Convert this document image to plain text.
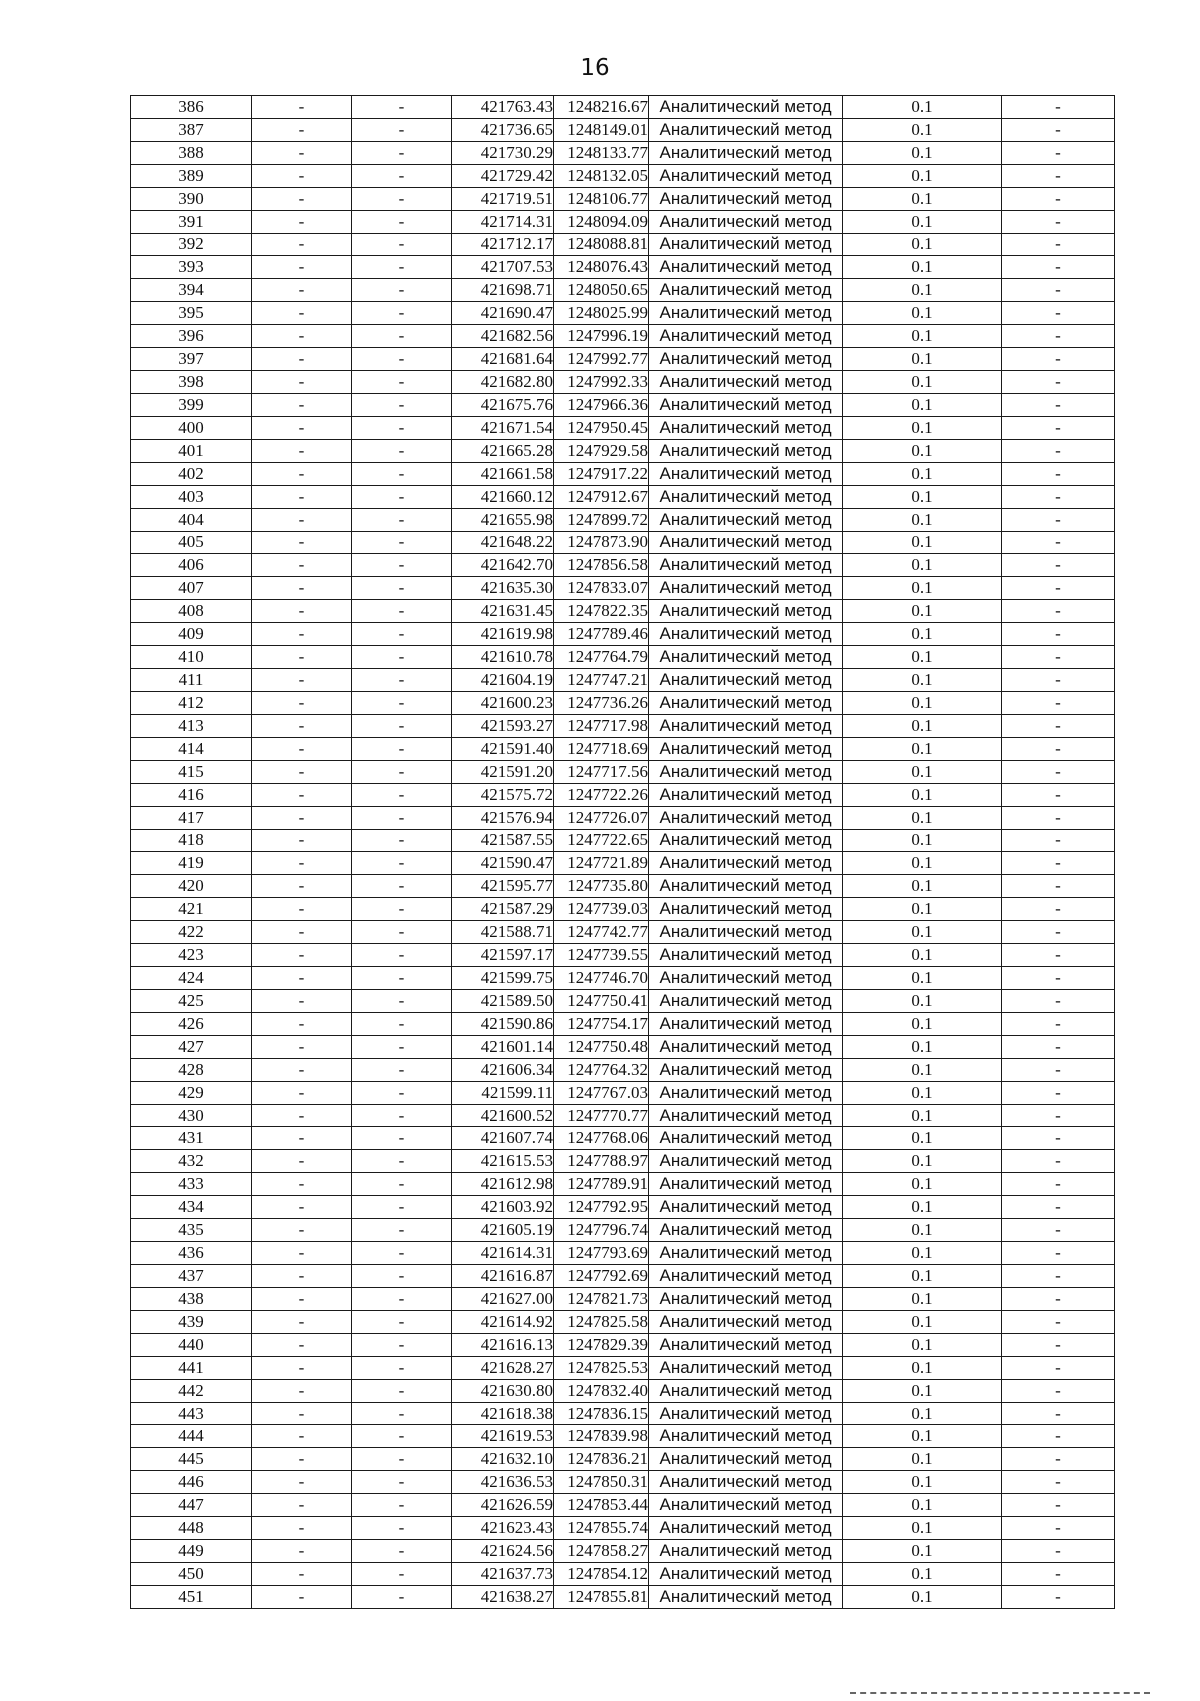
16
386	-	-	421763.43	1248216.67	Аналитический метод	0.1	-
387	-	-	421736.65	1248149.01	Аналитический метод	0.1	-
388	-	-	421730.29	1248133.77	Аналитический метод	0.1	-
389	-	-	421729.42	1248132.05	Аналитический метод	0.1	-
390	-	-	421719.51	1248106.77	Аналитический метод	0.1	-
391	-	-	421714.31	1248094.09	Аналитический метод	0.1	-
392	-	-	421712.17	1248088.81	Аналитический метод	0.1	-
393	-	-	421707.53	1248076.43	Аналитический метод	0.1	-
394	-	-	421698.71	1248050.65	Аналитический метод	0.1	-
395	-	-	421690.47	1248025.99	Аналитический метод	0.1	-
396	-	-	421682.56	1247996.19	Аналитический метод	0.1	-
397	-	-	421681.64	1247992.77	Аналитический метод	0.1	-
398	-	-	421682.80	1247992.33	Аналитический метод	0.1	-
399	-	-	421675.76	1247966.36	Аналитический метод	0.1	-
400	-	-	421671.54	1247950.45	Аналитический метод	0.1	-
401	-	-	421665.28	1247929.58	Аналитический метод	0.1	-
402	-	-	421661.58	1247917.22	Аналитический метод	0.1	-
403	-	-	421660.12	1247912.67	Аналитический метод	0.1	-
404	-	-	421655.98	1247899.72	Аналитический метод	0.1	-
405	-	-	421648.22	1247873.90	Аналитический метод	0.1	-
406	-	-	421642.70	1247856.58	Аналитический метод	0.1	-
407	-	-	421635.30	1247833.07	Аналитический метод	0.1	-
408	-	-	421631.45	1247822.35	Аналитический метод	0.1	-
409	-	-	421619.98	1247789.46	Аналитический метод	0.1	-
410	-	-	421610.78	1247764.79	Аналитический метод	0.1	-
411	-	-	421604.19	1247747.21	Аналитический метод	0.1	-
412	-	-	421600.23	1247736.26	Аналитический метод	0.1	-
413	-	-	421593.27	1247717.98	Аналитический метод	0.1	-
414	-	-	421591.40	1247718.69	Аналитический метод	0.1	-
415	-	-	421591.20	1247717.56	Аналитический метод	0.1	-
416	-	-	421575.72	1247722.26	Аналитический метод	0.1	-
417	-	-	421576.94	1247726.07	Аналитический метод	0.1	-
418	-	-	421587.55	1247722.65	Аналитический метод	0.1	-
419	-	-	421590.47	1247721.89	Аналитический метод	0.1	-
420	-	-	421595.77	1247735.80	Аналитический метод	0.1	-
421	-	-	421587.29	1247739.03	Аналитический метод	0.1	-
422	-	-	421588.71	1247742.77	Аналитический метод	0.1	-
423	-	-	421597.17	1247739.55	Аналитический метод	0.1	-
424	-	-	421599.75	1247746.70	Аналитический метод	0.1	-
425	-	-	421589.50	1247750.41	Аналитический метод	0.1	-
426	-	-	421590.86	1247754.17	Аналитический метод	0.1	-
427	-	-	421601.14	1247750.48	Аналитический метод	0.1	-
428	-	-	421606.34	1247764.32	Аналитический метод	0.1	-
429	-	-	421599.11	1247767.03	Аналитический метод	0.1	-
430	-	-	421600.52	1247770.77	Аналитический метод	0.1	-
431	-	-	421607.74	1247768.06	Аналитический метод	0.1	-
432	-	-	421615.53	1247788.97	Аналитический метод	0.1	-
433	-	-	421612.98	1247789.91	Аналитический метод	0.1	-
434	-	-	421603.92	1247792.95	Аналитический метод	0.1	-
435	-	-	421605.19	1247796.74	Аналитический метод	0.1	-
436	-	-	421614.31	1247793.69	Аналитический метод	0.1	-
437	-	-	421616.87	1247792.69	Аналитический метод	0.1	-
438	-	-	421627.00	1247821.73	Аналитический метод	0.1	-
439	-	-	421614.92	1247825.58	Аналитический метод	0.1	-
440	-	-	421616.13	1247829.39	Аналитический метод	0.1	-
441	-	-	421628.27	1247825.53	Аналитический метод	0.1	-
442	-	-	421630.80	1247832.40	Аналитический метод	0.1	-
443	-	-	421618.38	1247836.15	Аналитический метод	0.1	-
444	-	-	421619.53	1247839.98	Аналитический метод	0.1	-
445	-	-	421632.10	1247836.21	Аналитический метод	0.1	-
446	-	-	421636.53	1247850.31	Аналитический метод	0.1	-
447	-	-	421626.59	1247853.44	Аналитический метод	0.1	-
448	-	-	421623.43	1247855.74	Аналитический метод	0.1	-
449	-	-	421624.56	1247858.27	Аналитический метод	0.1	-
450	-	-	421637.73	1247854.12	Аналитический метод	0.1	-
451	-	-	421638.27	1247855.81	Аналитический метод	0.1	-
